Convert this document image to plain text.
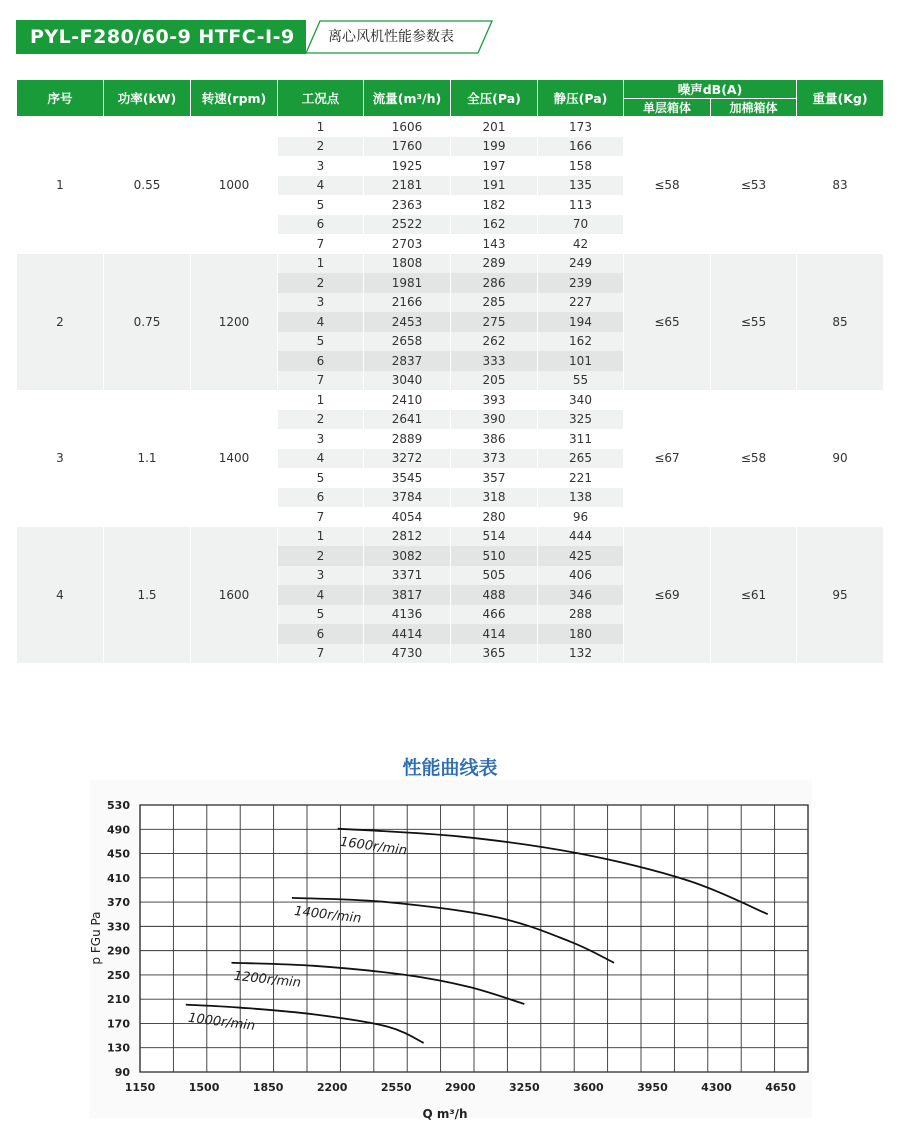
PYL-F280/60-9 HTFC-I-9	离心风机性能参数表
序号	功率(kW)	转速(rpm)	工况点	流量(m³/h)	全压(Pa)	静压(Pa)	噪声dB(A)		重量(Kg)
							单层箱体	加棉箱体	
1	0.55	1000	1	1606	201	173	≤58	≤53	83
			2	1760	199	166			
			3	1925	197	158			
			4	2181	191	135			
			5	2363	182	113			
			6	2522	162	70			
			7	2703	143	42			
2	0.75	1200	1	1808	289	249	≤65	≤55	85
			2	1981	286	239			
			3	2166	285	227			
			4	2453	275	194			
			5	2658	262	162			
			6	2837	333	101			
			7	3040	205	55			
3	1.1	1400	1	2410	393	340	≤67	≤58	90
			2	2641	390	325			
			3	2889	386	311			
			4	3272	373	265			
			5	3545	357	221			
			6	3784	318	138			
			7	4054	280	96			
4	1.5	1600	1	2812	514	444	≤69	≤61	95
			2	3082	510	425			
			3	3371	505	406			
			4	3817	488	346			
			5	4136	466	288			
			6	4414	414	180			
			7	4730	365	132			
性能曲线表
1150	1500	1850	2200	2550	2900	3250	3600	3950	4300	4650
90
130
170
210
250
290
330
370
410
450
490
530
1000r/min
1200r/min
1400r/min
1600r/min
Q m³/h
p FGu Pa
